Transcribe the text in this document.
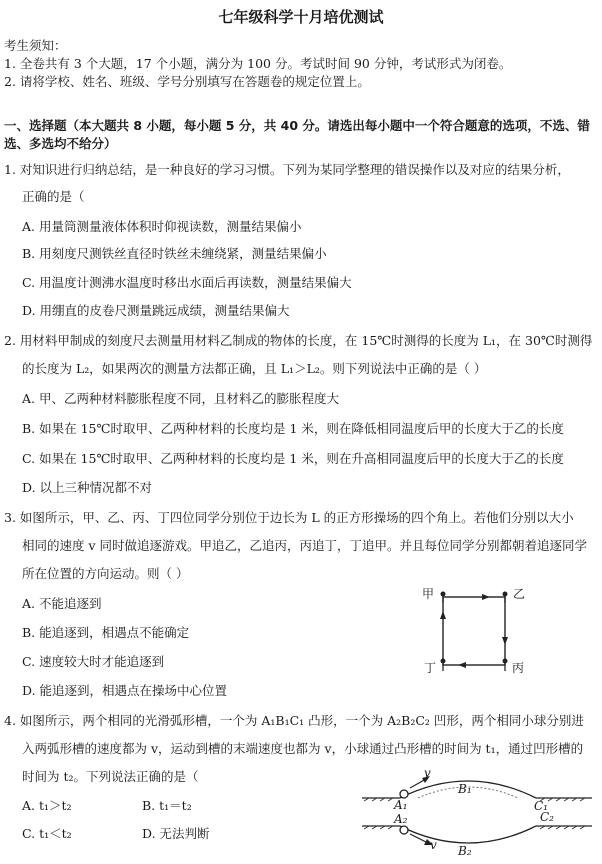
七年级科学十月培优测试
考生须知：
1. 全卷共有 3 个大题，17 个小题，满分为 100 分。考试时间 90 分钟，考试形式为闭卷。
2. 请将学校、姓名、班级、学号分别填写在答题卷的规定位置上。
一、选择题（本大题共 8 小题，每小题 5 分，共 40 分。请选出每小题中一个符合题意的选项，不选、错
选、多选均不给分）
1. 对知识进行归纳总结，是一种良好的学习习惯。下列为某同学整理的错误操作以及对应的结果分析，
正确的是（
A. 用量筒测量液体体积时仰视读数，测量结果偏小
B. 用刻度尺测铁丝直径时铁丝未缠绕紧，测量结果偏小
C. 用温度计测沸水温度时移出水面后再读数，测量结果偏大
D. 用绷直的皮卷尺测量跳远成绩，测量结果偏大
2. 用材料甲制成的刻度尺去测量用材料乙制成的物体的长度，在 15℃时测得的长度为 L₁，在 30℃时测得
的长度为 L₂，如果两次的测量方法都正确，且 L₁＞L₂。则下列说法中正确的是（ ）
A. 甲、乙两种材料膨胀程度不同，且材料乙的膨胀程度大
B. 如果在 15℃时取甲、乙两种材料的长度均是 1 米，则在降低相同温度后甲的长度大于乙的长度
C. 如果在 15℃时取甲、乙两种材料的长度均是 1 米，则在升高相同温度后甲的长度大于乙的长度
D. 以上三种情况都不对
3. 如图所示，甲、乙、丙、丁四位同学分别位于边长为 L 的正方形操场的四个角上。若他们分别以大小
相同的速度 v 同时做追逐游戏。甲追乙，乙追丙，丙追丁，丁追甲。并且每位同学分别都朝着追逐同学
所在位置的方向运动。则（ ）
A. 不能追逐到
B. 能追逐到，相遇点不能确定
C. 速度较大时才能追逐到
D. 能追逐到，相遇点在操场中心位置
甲	乙
丙
丁
4. 如图所示，两个相同的光滑弧形槽，一个为 A₁B₁C₁ 凸形，一个为 A₂B₂C₂ 凹形，两个相同小球分别进
入两弧形槽的速度都为 v，运动到槽的末端速度也都为 v，小球通过凸形槽的时间为 t₁，通过凹形槽的
时间为 t₂。下列说法正确的是（
A. t₁＞t₂	B. t₁＝t₂
C. t₁＜t₂	D. 无法判断
v
A₁
B₁
C₁
A₂	C₂
v B₂
